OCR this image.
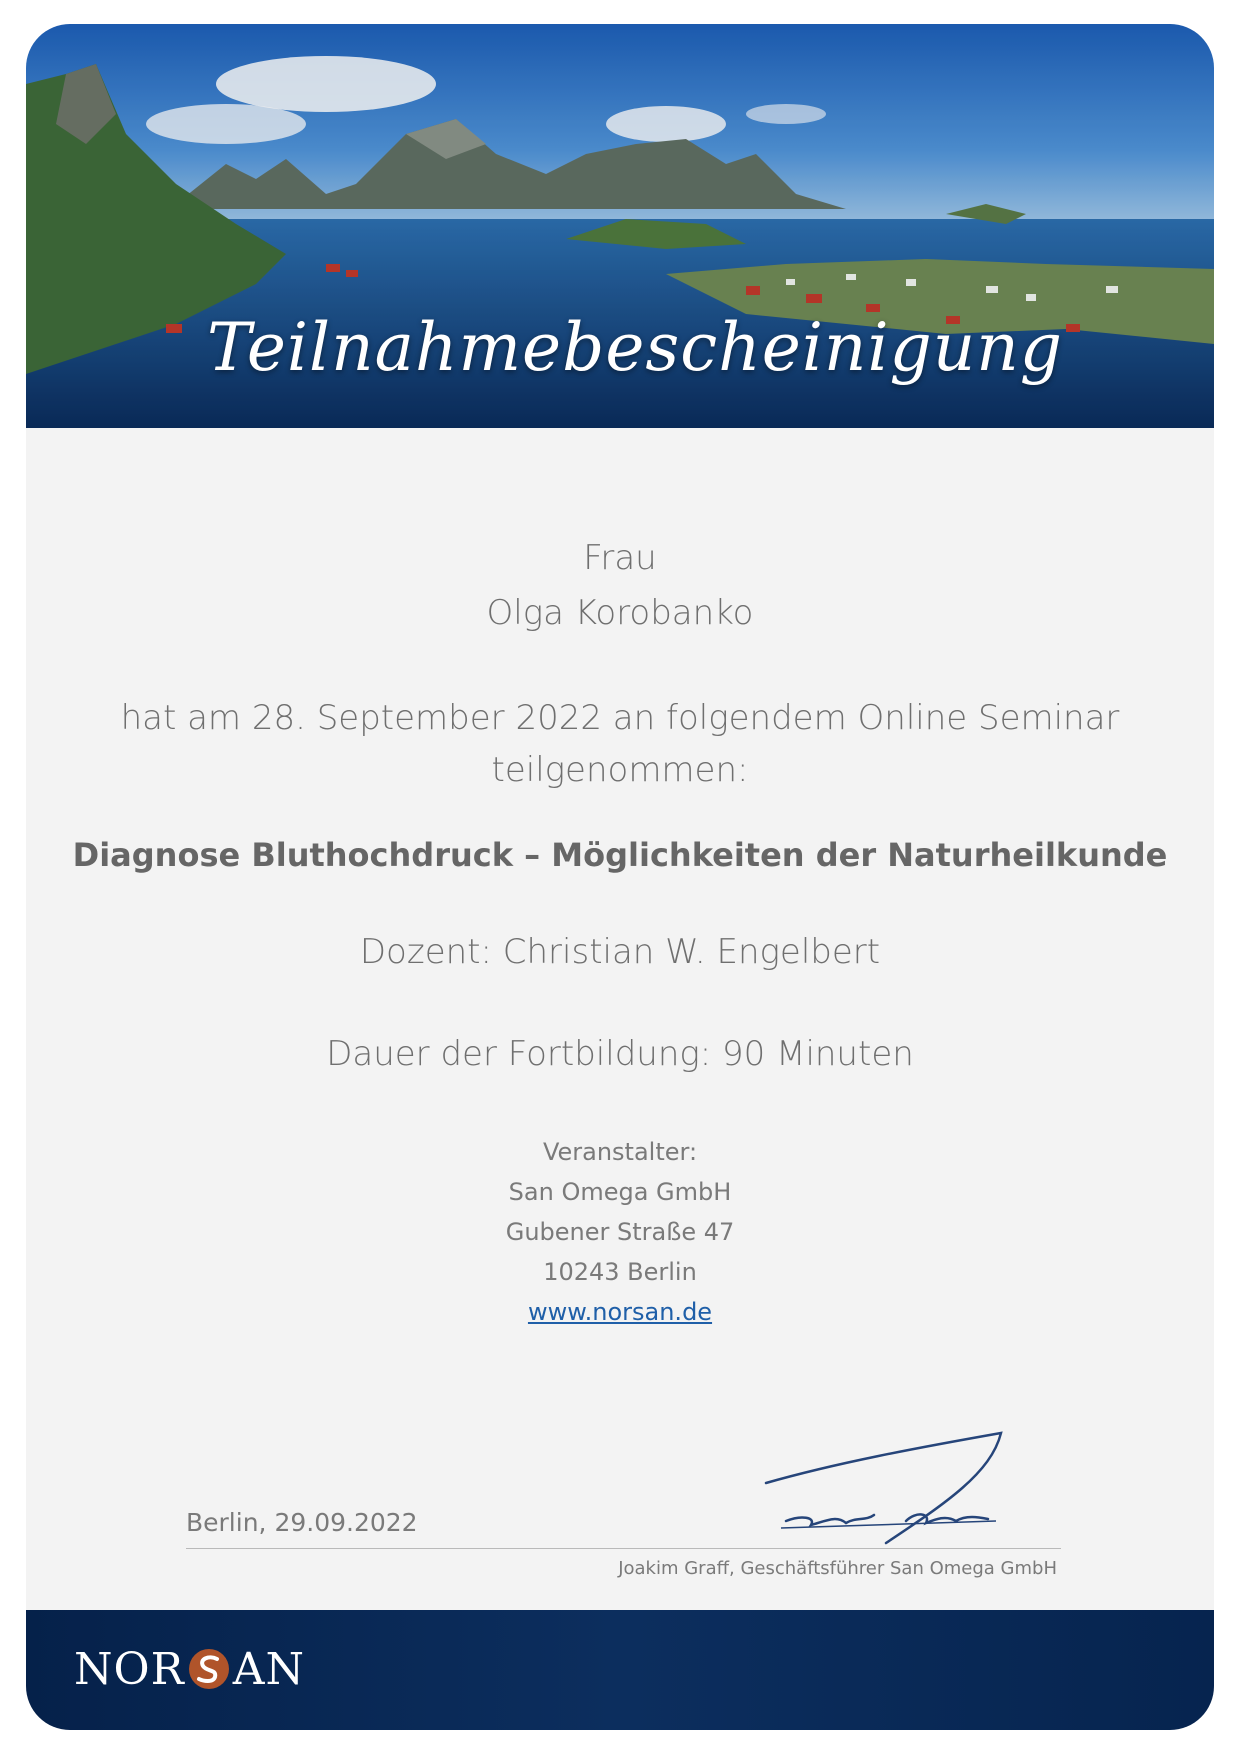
Teilnahmebescheinigung
Frau
Olga Korobanko
hat am 28. September 2022 an folgendem Online Seminar
teilgenommen:
Diagnose Bluthochdruck – Möglichkeiten der Naturheilkunde
Dozent: Christian W. Engelbert
Dauer der Fortbildung: 90 Minuten
Veranstalter:
San Omega GmbH
Gubener Straße 47
10243 Berlin
www.norsan.de
Berlin, 29.09.2022
Joakim Graff, Geschäftsführer San Omega GmbH
NOR AN
